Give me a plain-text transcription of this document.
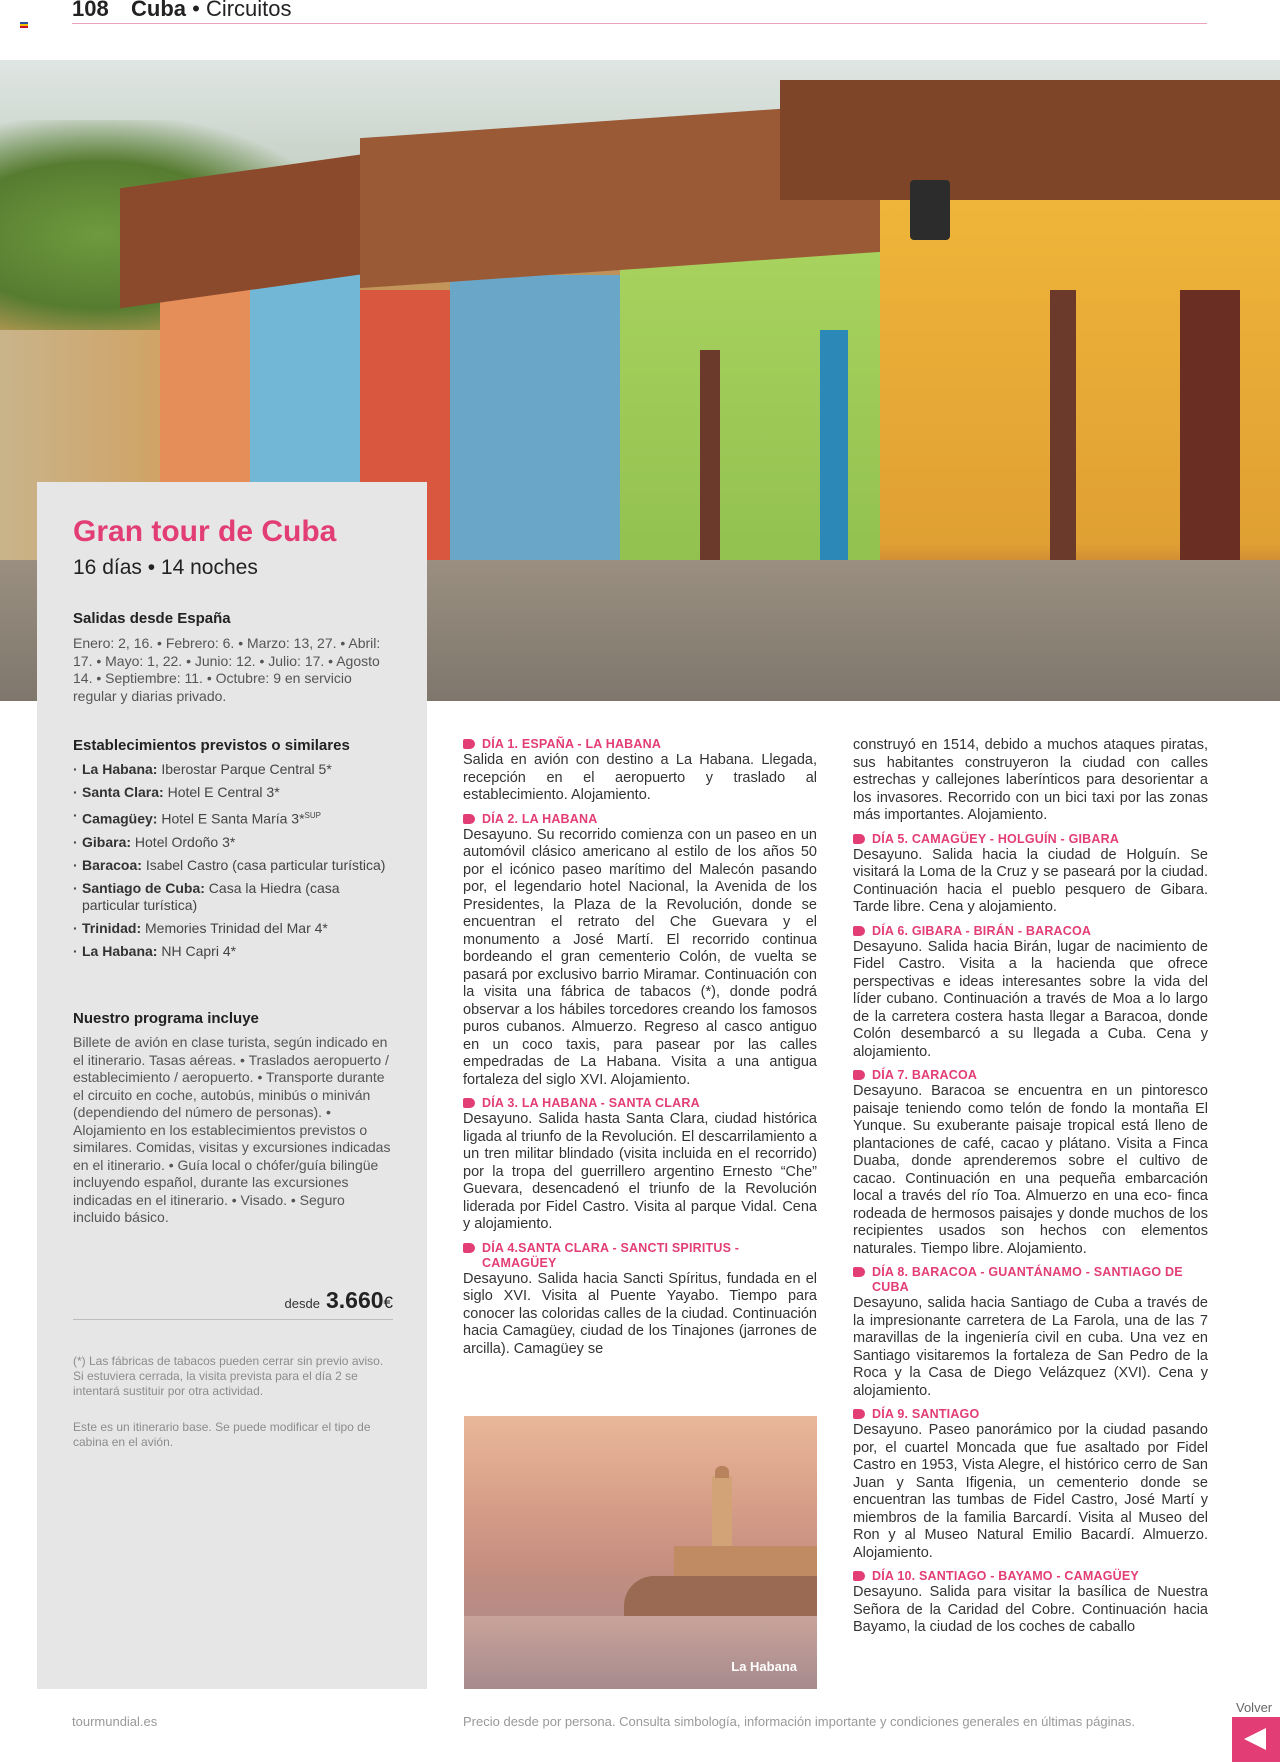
108 Cuba • Circuitos
Gran tour de Cuba
16 días • 14 noches
Salidas desde España
Enero: 2, 16. • Febrero: 6. • Marzo: 13, 27. • Abril: 17. • Mayo: 1, 22. • Junio: 12. • Julio: 17. • Agosto 14. • Septiembre: 11. • Octubre: 9 en servicio regular y diarias privado.
Establecimientos previstos o similares
· La Habana: Iberostar Parque Central 5*
· Santa Clara: Hotel E Central 3*
· Camagüey: Hotel E Santa María 3*$^{SUP}$
· Gibara: Hotel Ordoño 3*
· Baracoa: Isabel Castro (casa particular turística)
· Santiago de Cuba: Casa la Hiedra (casa particular turística)
· Trinidad: Memories Trinidad del Mar 4*
· La Habana: NH Capri 4*
Nuestro programa incluye
Billete de avión en clase turista, según indicado en el itinerario. Tasas aéreas. • Traslados aeropuerto / establecimiento / aeropuerto. • Transporte durante el circuito en coche, autobús, minibús o miniván (dependiendo del número de personas). • Alojamiento en los establecimientos previstos o similares. Comidas, visitas y excursiones indicadas en el itinerario. • Guía local o chófer/guía bilingüe incluyendo español, durante las excursiones indicadas en el itinerario. • Visado. • Seguro incluido básico.
desde 3.660€
(*) Las fábricas de tabacos pueden cerrar sin previo aviso. Si estuviera cerrada, la visita prevista para el día 2 se intentará sustituir por otra actividad.
Este es un itinerario base. Se puede modificar el tipo de cabina en el avión.
DÍA 1. ESPAÑA - LA HABANA
Salida en avión con destino a La Habana. Llegada, recepción en el aeropuerto y traslado al establecimiento. Alojamiento.
DÍA 2. LA HABANA
Desayuno. Su recorrido comienza con un paseo en un automóvil clásico americano al estilo de los años 50 por el icónico paseo marítimo del Malecón pasando por, el legendario hotel Nacional, la Avenida de los Presidentes, la Plaza de la Revolución, donde se encuentran el retrato del Che Guevara y el monumento a José Martí. El recorrido continua bordeando el gran cementerio Colón, de vuelta se pasará por exclusivo barrio Miramar. Continuación con la visita una fábrica de tabacos (*), donde podrá observar a los hábiles torcedores creando los famosos puros cubanos. Almuerzo. Regreso al casco antiguo en un coco taxis, para pasear por las calles empedradas de La Habana. Visita a una antigua fortaleza del siglo XVI. Alojamiento.
DÍA 3. LA HABANA - SANTA CLARA
Desayuno. Salida hasta Santa Clara, ciudad histórica ligada al triunfo de la Revolución. El descarrilamiento a un tren militar blindado (visita incluida en el recorrido) por la tropa del guerrillero argentino Ernesto “Che” Guevara, desencadenó el triunfo de la Revolución liderada por Fidel Castro. Visita al parque Vidal. Cena y alojamiento.
DÍA 4.SANTA CLARA - SANCTI SPIRITUS - CAMAGÜEY
Desayuno. Salida hacia Sancti Spíritus, fundada en el siglo XVI. Visita al Puente Yayabo. Tiempo para conocer las coloridas calles de la ciudad. Continuación hacia Camagüey, ciudad de los Tinajones (jarrones de arcilla). Camagüey se
La Habana
construyó en 1514, debido a muchos ataques piratas, sus habitantes construyeron la ciudad con calles estrechas y callejones laberínticos para desorientar a los invasores. Recorrido con un bici taxi por las zonas más importantes. Alojamiento.
DÍA 5. CAMAGÜEY - HOLGUÍN - GIBARA
Desayuno. Salida hacia la ciudad de Holguín. Se visitará la Loma de la Cruz y se paseará por la ciudad. Continuación hacia el pueblo pesquero de Gibara. Tarde libre. Cena y alojamiento.
DÍA 6. GIBARA - BIRÁN - BARACOA
Desayuno. Salida hacia Birán, lugar de nacimiento de Fidel Castro. Visita a la hacienda que ofrece perspectivas e ideas interesantes sobre la vida del líder cubano. Continuación a través de Moa a lo largo de la carretera costera hasta llegar a Baracoa, donde Colón desembarcó a su llegada a Cuba. Cena y alojamiento.
DÍA 7. BARACOA
Desayuno. Baracoa se encuentra en un pintoresco paisaje teniendo como telón de fondo la montaña El Yunque. Su exuberante paisaje tropical está lleno de plantaciones de café, cacao y plátano. Visita a Finca Duaba, donde aprenderemos sobre el cultivo de cacao. Continuación en una pequeña embarcación local a través del río Toa. Almuerzo en una eco- finca rodeada de hermosos paisajes y donde muchos de los recipientes usados son hechos con elementos naturales. Tiempo libre. Alojamiento.
DÍA 8. BARACOA - GUANTÁNAMO - SANTIAGO DE CUBA
Desayuno, salida hacia Santiago de Cuba a través de la impresionante carretera de La Farola, una de las 7 maravillas de la ingeniería civil en cuba. Una vez en Santiago visitaremos la fortaleza de San Pedro de la Roca y la Casa de Diego Velázquez (XVI). Cena y alojamiento.
DÍA 9. SANTIAGO
Desayuno. Paseo panorámico por la ciudad pasando por, el cuartel Moncada que fue asaltado por Fidel Castro en 1953, Vista Alegre, el histórico cerro de San Juan y Santa Ifigenia, un cementerio donde se encuentran las tumbas de Fidel Castro, José Martí y miembros de la familia Barcardí. Visita al Museo del Ron y al Museo Natural Emilio Bacardí. Almuerzo. Alojamiento.
DÍA 10. SANTIAGO - BAYAMO - CAMAGÜEY
Desayuno. Salida para visitar la basílica de Nuestra Señora de la Caridad del Cobre. Continuación hacia Bayamo, la ciudad de los coches de caballo
tourmundial.es	Precio desde por persona. Consulta simbología, información importante y condiciones generales en últimas páginas.
Volver
